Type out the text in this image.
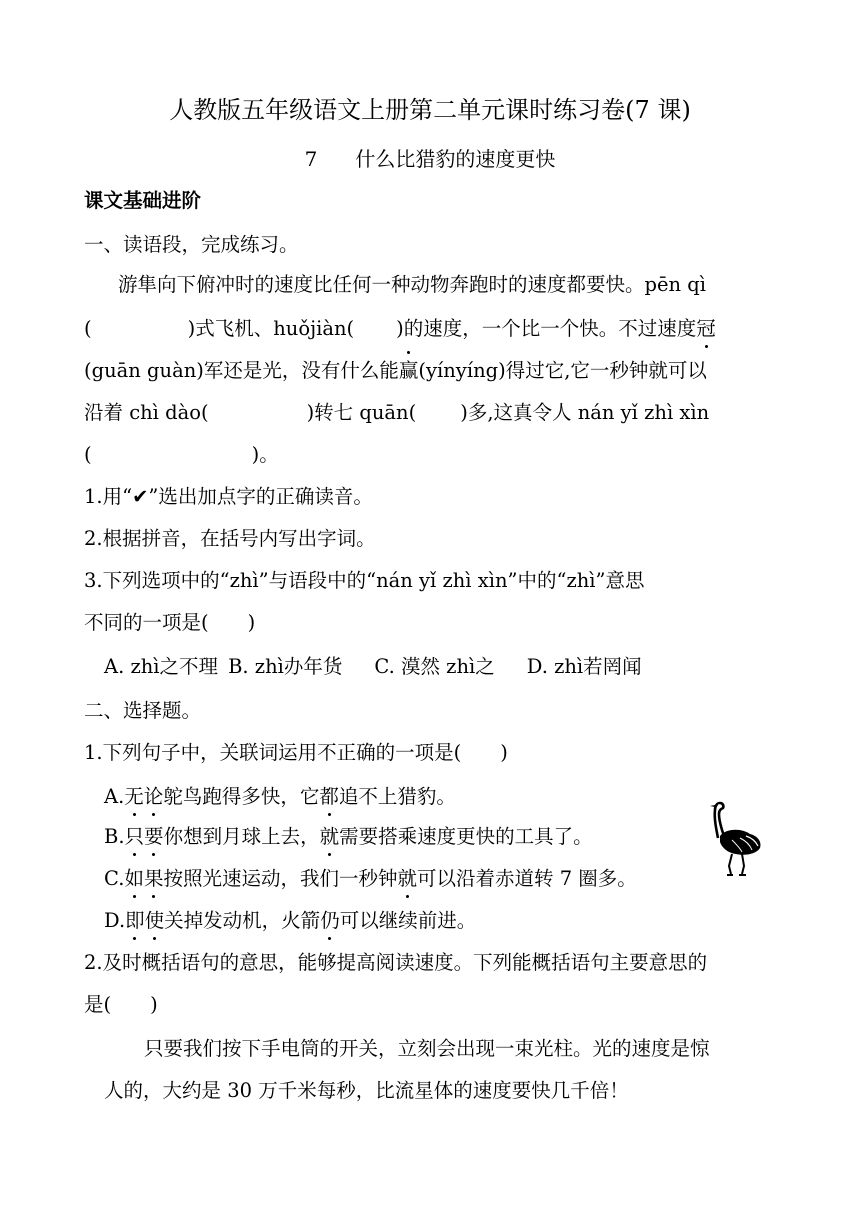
人教版五年级语文上册第二单元课时练习卷(7 课)
7 什么比猎豹的速度更快
课文基础进阶
一、读语段，完成练习。
游隼向下俯冲时的速度比任何一种动物奔跑时的速度都要快。pēn qì
(	)式飞机、huǒjiàn( )的速度，一个比一个快。不过速度冠
(guān guàn)军还是光，没有什么能赢(yínyíng)得过它,它一秒钟就可以
沿着 chì dào(	)转七 quān( )多,这真令人 nán yǐ zhì xìn
(	)。
1.用“✔”选出加点字的正确读音。
2.根据拼音，在括号内写出字词。
3.下列选项中的“zhì”与语段中的“nán yǐ zhì xìn”中的“zhì”意思
不同的一项是(　　)
A. zhì之不理 B. zhì办年货 C. 漠然 zhì之 D. zhì若罔闻
二、选择题。
1.下列句子中，关联词运用不正确的一项是(　　)
A.无论鸵鸟跑得多快，它都追不上猎豹。
B.只要你想到月球上去，就需要搭乘速度更快的工具了。
C.如果按照光速运动，我们一秒钟就可以沿着赤道转 7 圈多。
D.即使关掉发动机，火箭仍可以继续前进。
2.及时概括语句的意思，能够提高阅读速度。下列能概括语句主要意思的
是(　　)
只要我们按下手电筒的开关，立刻会出现一束光柱。光的速度是惊
人的，大约是 30 万千米每秒，比流星体的速度要快几千倍！
